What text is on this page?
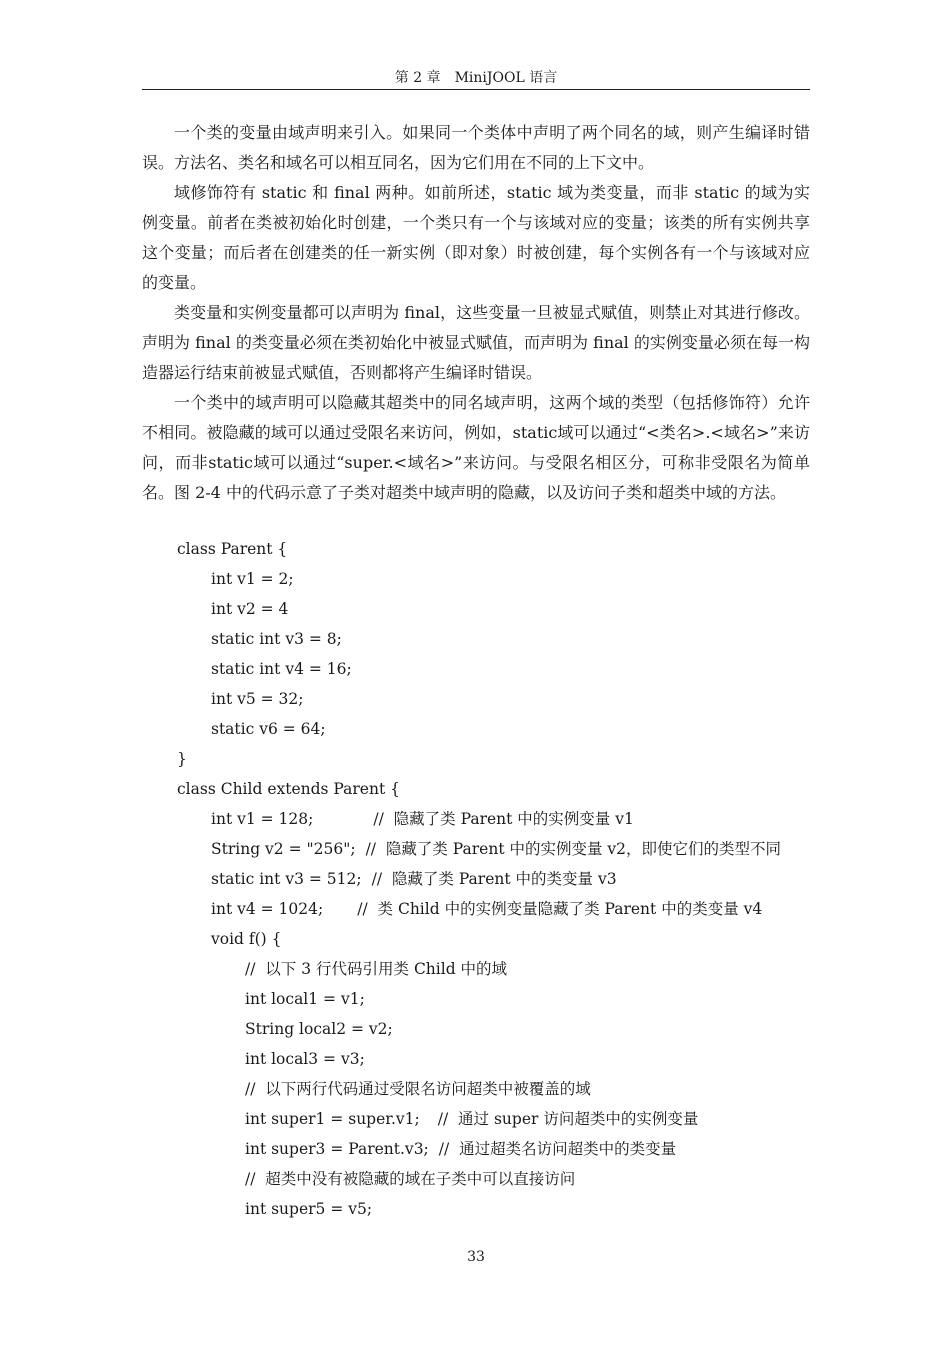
第 2 章　MiniJOOL 语言

一个类的变量由域声明来引入。如果同一个类体中声明了两个同名的域，则产生编译时错误。方法名、类名和域名可以相互同名，因为它们用在不同的上下文中。

域修饰符有 static 和 final 两种。如前所述，static 域为类变量，而非 static 的域为实例变量。前者在类被初始化时创建，一个类只有一个与该域对应的变量；该类的所有实例共享这个变量；而后者在创建类的任一新实例（即对象）时被创建，每个实例各有一个与该域对应的变量。

类变量和实例变量都可以声明为 final，这些变量一旦被显式赋值，则禁止对其进行修改。声明为 final 的类变量必须在类初始化中被显式赋值，而声明为 final 的实例变量必须在每一构造器运行结束前被显式赋值，否则都将产生编译时错误。

一个类中的域声明可以隐藏其超类中的同名域声明，这两个域的类型（包括修饰符）允许不相同。被隐藏的域可以通过受限名来访问，例如，static域可以通过“<类名>.<域名>”来访问，而非static域可以通过“super.<域名>”来访问。与受限名相区分，可称非受限名为简单名。图 2-4 中的代码示意了子类对超类中域声明的隐藏，以及访问子类和超类中域的方法。

class Parent {
int v1 = 2;
int v2 = 4
static int v3 = 8;
static int v4 = 16;
int v5 = 32;
static v6 = 64;
}
class Child extends Parent {
int v1 = 128;	//  隐藏了类 Parent 中的实例变量 v1
String v2 = "256"; //  隐藏了类 Parent 中的实例变量 v2，即使它们的类型不同
static int v3 = 512; //  隐藏了类 Parent 中的类变量 v3
int v4 = 1024; //  类 Child 中的实例变量隐藏了类 Parent 中的类变量 v4
void f() {
//  以下 3 行代码引用类 Child 中的域
int local1 = v1;
String local2 = v2;
int local3 = v3;
//  以下两行代码通过受限名访问超类中被覆盖的域
int super1 = super.v1; //  通过 super 访问超类中的实例变量
int super3 = Parent.v3; //  通过超类名访问超类中的类变量
//  超类中没有被隐藏的域在子类中可以直接访问
int super5 = v5;
33
